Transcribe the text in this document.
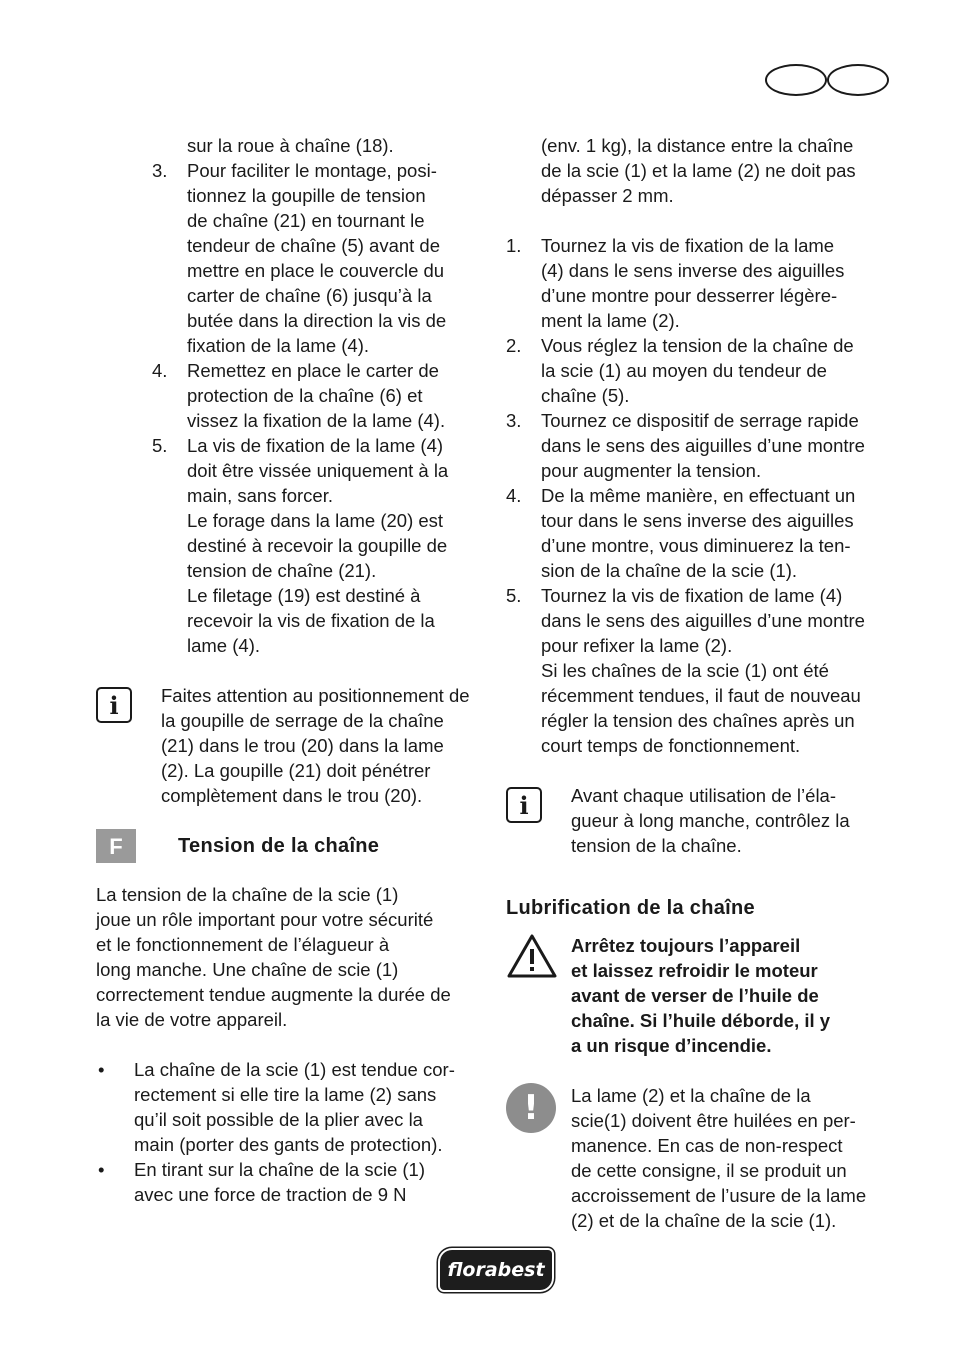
sur la roue à chaîne (18).

3.	Pour faciliter le montage, posi-
tionnez la goupille de tension
de chaîne (21) en tournant le
tendeur de chaîne (5) avant de
mettre en place le couvercle du
carter de chaîne (6) jusqu’à la
butée dans la direction la vis de
fixation de la lame (4).
4.	Remettez en place le carter de
protection de la chaîne (6) et
vissez la fixation de la lame (4).
5.	La vis de fixation de la lame (4)
doit être vissée uniquement à la
main, sans forcer.
Le forage dans la lame (20) est
destiné à recevoir la goupille de
tension de chaîne (21).
Le filetage (19) est destiné à
recevoir la vis de fixation de la
lame (4).
i	Faites attention au positionnement de
la goupille de serrage de la chaîne
(21) dans le trou (20) dans la lame
(2). La goupille (21) doit pénétrer
complètement dans le trou (20).

F	Tension de la chaîne

La tension de la chaîne de la scie (1)
joue un rôle important pour votre sécurité
et le fonctionnement de l’élagueur à
long manche. Une chaîne de scie (1)
correctement tendue augmente la durée de
la vie de votre appareil.

•	La chaîne de la scie (1) est tendue cor-
rectement si elle tire la lame (2) sans
qu’il soit possible de la plier avec la
main (porter des gants de protection).
•	En tirant sur la chaîne de la scie (1)
avec une force de traction de 9 N

(env. 1 kg), la distance entre la chaîne
de la scie (1) et la lame (2) ne doit pas
dépasser 2 mm.

1.	Tournez la vis de fixation de la lame
(4) dans le sens inverse des aiguilles
d’une montre pour desserrer légère-
ment la lame (2).
2.	Vous réglez la tension de la chaîne de
la scie (1) au moyen du tendeur de
chaîne (5).
3.	Tournez ce dispositif de serrage rapide
dans le sens des aiguilles d’une montre
pour augmenter la tension.
4.	De la même manière, en effectuant un
tour dans le sens inverse des aiguilles
d’une montre, vous diminuerez la ten-
sion de la chaîne de la scie (1).
5.	Tournez la vis de fixation de lame (4)
dans le sens des aiguilles d’une montre
pour refixer la lame (2).
Si les chaînes de la scie (1) ont été
récemment tendues, il faut de nouveau
régler la tension des chaînes après un
court temps de fonctionnement.
i	Avant chaque utilisation de l’éla-
gueur à long manche, contrôlez la
tension de la chaîne.

Lubrification de la chaîne

Arrêtez toujours l’appareil
et laissez refroidir le moteur
avant de verser de l’huile de
chaîne. Si l’huile déborde, il y
a un risque d’incendie.

!	La lame (2) et la chaîne de la
scie(1) doivent être huilées en per-
manence. En cas de non-respect
de cette consigne, il se produit un
accroissement de l’usure de la lame
(2) et de la chaîne de la scie (1).

florabest
